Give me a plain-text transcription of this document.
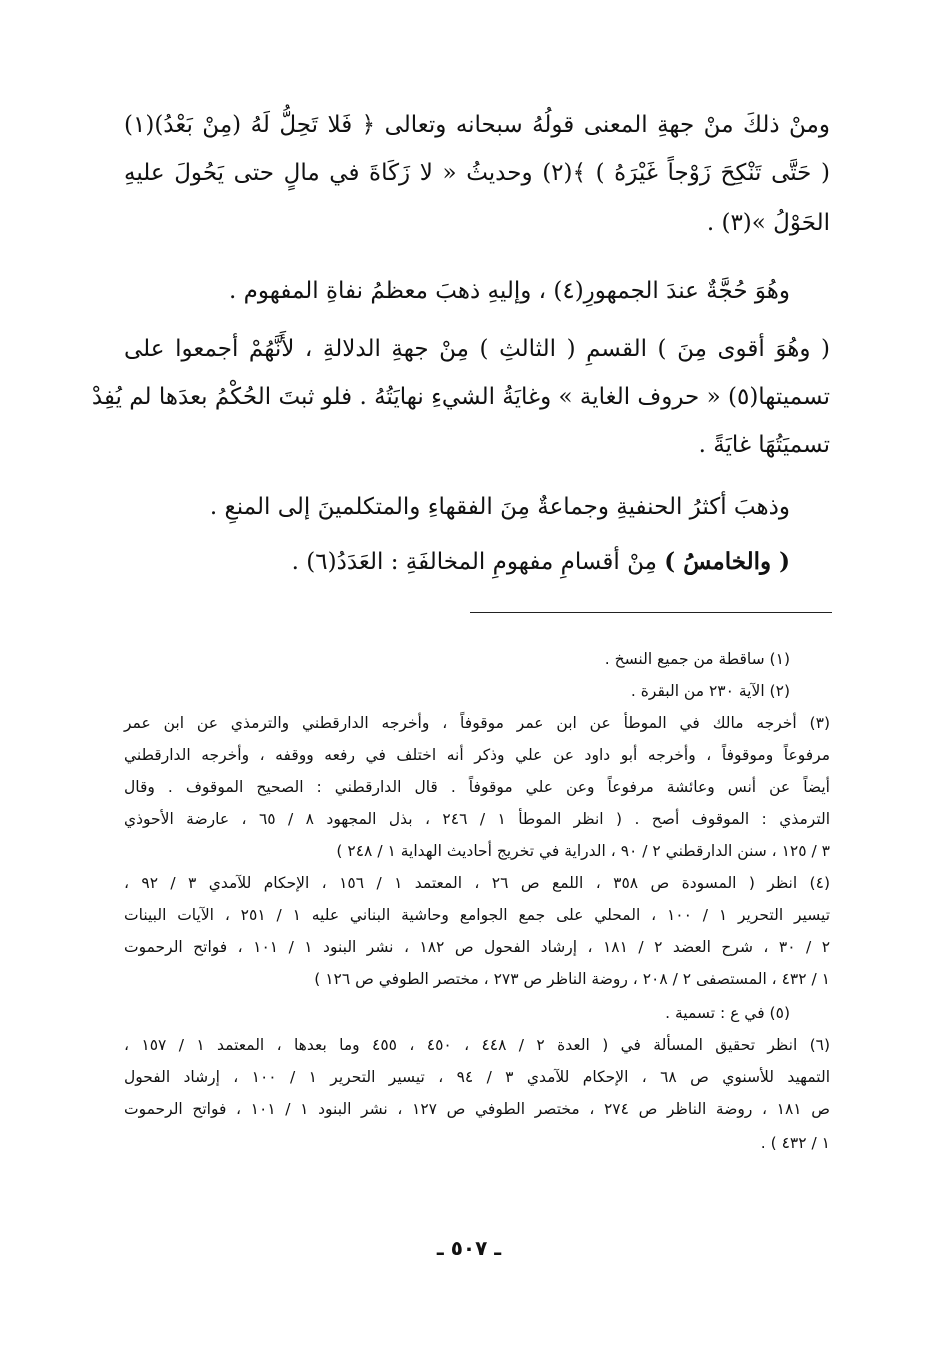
ومنْ ذلكَ منْ جهةِ المعنى قولُهُ سبحانه وتعالى ﴿ فَلا تَحِلُّ لَهُ (مِنْ بَعْدُ)(١)
( حَتَّى تَنْكِحَ زَوْجاً غَيْرَهُ ) ﴾(٢) وحديثُ « لا زَكَاةَ في مالٍ حتى يَحُولَ عليهِ
الحَوْلُ »(٣) .
وهُوَ حُجَّةٌ عندَ الجمهورِ(٤) ، وإليهِ ذهبَ معظمُ نفاةِ المفهوم .
( وهُوَ أقوى مِنَ ) القسمِ ( الثالثِ ) مِنْ جهةِ الدلالةِ ، لأَنَّهُمْ أجمعوا على
تسميتها(٥) « حروف الغاية » وغايَةُ الشيءِ نهايَتُهُ . فلو ثبتَ الحُكْمُ بعدَها لم يُفِدْ
تسميَتُهَا غايَةً .
وذهبَ أكثرُ الحنفيةِ وجماعةٌ مِنَ الفقهاءِ والمتكلمينَ إلى المنعِ .
( والخامسُ ) مِنْ أقسامِ مفهومِ المخالفَةِ : العَدَدُ(٦) .
(١) ساقطة من جميع النسخ .
(٢) الآية ٢٣٠ من البقرة .
(٣) أخرجه مالك في الموطأ عن ابن عمر موقوفاً ، وأخرجه الدارقطني والترمذي عن ابن عمر
مرفوعاً وموقوفاً ، وأخرجه أبو داود عن علي وذكر أنه اختلف في رفعه ووقفه ، وأخرجه الدارقطني
أيضاً عن أنس وعائشة مرفوعاً وعن علي موقوفاً . قال الدارقطني : الصحيح الموقوف . وقال
الترمذي : الموقوف أصح . ( انظر الموطأ ١ / ٢٤٦ ، بذل المجهود ٨ / ٦٥ ، عارضة الأحوذي
٣ / ١٢٥ ، سنن الدارقطني ٢ / ٩٠ ، الدراية في تخريج أحاديث الهداية ١ / ٢٤٨ )
(٤) انظر ( المسودة ص ٣٥٨ ، اللمع ص ٢٦ ، المعتمد ١ / ١٥٦ ، الإحكام للآمدي ٣ / ٩٢ ،
تيسير التحرير ١ / ١٠٠ ، المحلي على جمع الجوامع وحاشية البناني عليه ١ / ٢٥١ ، الآيات البينات
٢ / ٣٠ ، شرح العضد ٢ / ١٨١ ، إرشاد الفحول ص ١٨٢ ، نشر البنود ١ / ١٠١ ، فواتح الرحموت
١ / ٤٣٢ ، المستصفى ٢ / ٢٠٨ ، روضة الناظر ص ٢٧٣ ، مختصر الطوفي ص ١٢٦ )
(٥) في ع : تسمية .
(٦) انظر تحقيق المسألة في ( العدة ٢ / ٤٤٨ ، ٤٥٠ ، ٤٥٥ وما بعدها ، المعتمد ١ / ١٥٧ ،
التمهيد للأسنوي ص ٦٨ ، الإحكام للآمدي ٣ / ٩٤ ، تيسير التحرير ١ / ١٠٠ ، إرشاد الفحول
ص ١٨١ ، روضة الناظر ص ٢٧٤ ، مختصر الطوفي ص ١٢٧ ، نشر البنود ١ / ١٠١ ، فواتح الرحموت
١ / ٤٣٢ ) .
ـ ٥٠٧ ـ
